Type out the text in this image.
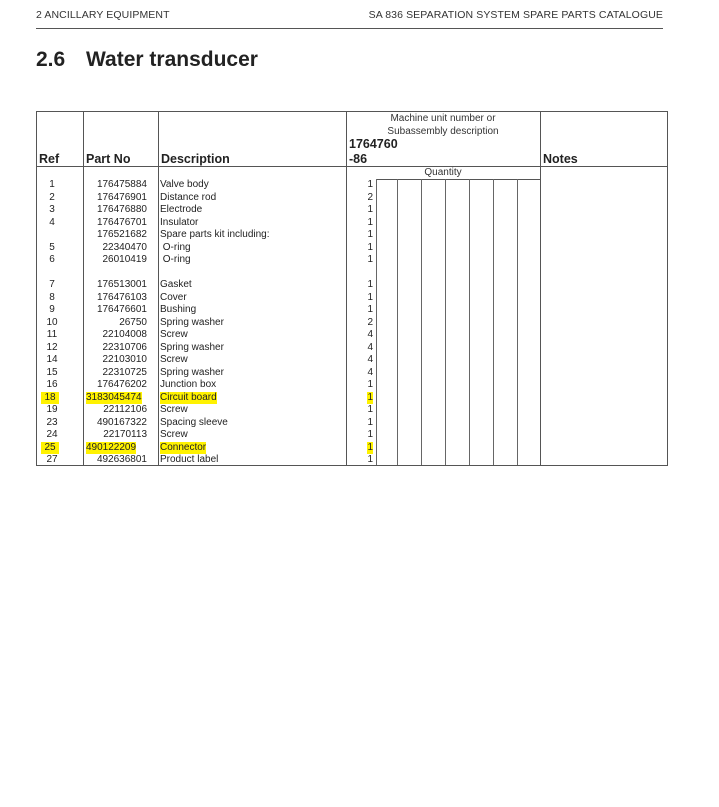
2 ANCILLARY EQUIPMENT	SA 836 SEPARATION SYSTEM SPARE PARTS CATALOGUE
2.6 Water transducer
Ref Part No Description	Notes
Machine unit number or
Subassembly description
1764760
-86
Quantity
1	176475884 Valve body	1
2	176476901 Distance rod	2
3	176476880 Electrode	1
4	176476701 Insulator	1
176521682 Spare parts kit including:	1
5	22340470 O-ring	1
6	26010419 O-ring	1
7	176513001 Gasket	1
8	176476103 Cover	1
9	176476601 Bushing	1
10	26750 Spring washer	2
11	22104008 Screw	4
12	22310706 Spring washer	4
14	22103010 Screw	4
15	22310725 Spring washer	4
16	176476202 Junction box	1
18	3183045474 Circuit board	1
19	22112106 Screw	1
23	490167322 Spacing sleeve	1
24	22170113 Screw	1
25	490122209 Connector	1
27	492636801 Product label	1
